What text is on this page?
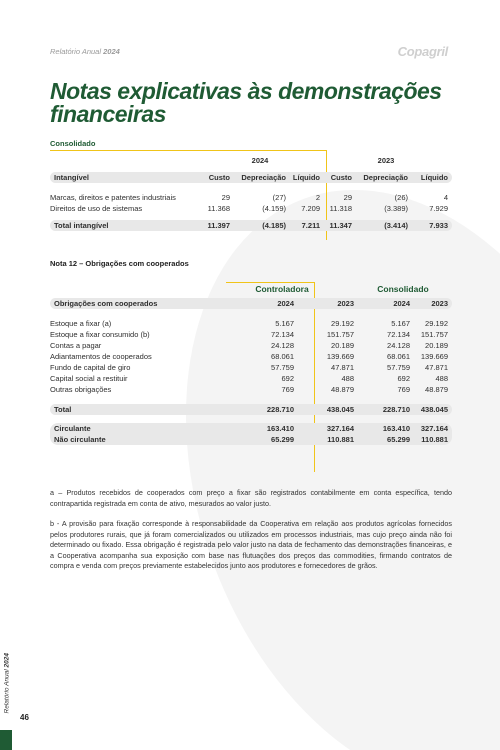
Relatório Anual 2024	Copagril
Notas explicativas às demonstrações financeiras
Consolidado
	2024			2023		

Intangível	Custo	Depreciação	Líquido	Custo	Depreciação	Líquido

Marcas, direitos e patentes industriais	29	(27)	2	29	(26)	4
Direitos de uso de sistemas	11.368	(4.159)	7.209	11.318	(3.389)	7.929

Total intangível	11.397	(4.185)	7.211	11.347	(3.414)	7.933
Nota 12 – Obrigações com cooperados
	Controladora		Consolidado	

Obrigações com cooperados	2024	2023	2024	2023

Estoque a fixar (a)	5.167	29.192	5.167	29.192
Estoque a fixar consumido (b)	72.134	151.757	72.134	151.757
Contas a pagar	24.128	20.189	24.128	20.189
Adiantamentos de cooperados	68.061	139.669	68.061	139.669
Fundo de capital de giro	57.759	47.871	57.759	47.871
Capital social a restituir	692	488	692	488
Outras obrigações	769	48.879	769	48.879

Total	228.710	438.045	228.710	438.045

Circulante	163.410	327.164	163.410	327.164
Não circulante	65.299	110.881	65.299	110.881

a – Produtos recebidos de cooperados com preço a fixar são registrados contabilmente em conta específica, tendo contrapartida registrada em conta de ativo, mesurados ao valor justo.

b - A provisão para fixação corresponde à responsabilidade da Cooperativa em relação aos produtos agrícolas fornecidos pelos produtores rurais, que já foram comercializados ou utilizados em processos industriais, mas cujo preço ainda não foi determinado ou fixado. Essa obrigação é registrada pelo valor justo na data de fechamento das demonstrações financeiras, e a Cooperativa acompanha sua exposição com base nas flutuações dos preços das commodities, firmando contratos de compra e venda com preços previamente estabelecidos junto aos produtores e fornecedores de grãos.

Relatório Anual 2024
46
